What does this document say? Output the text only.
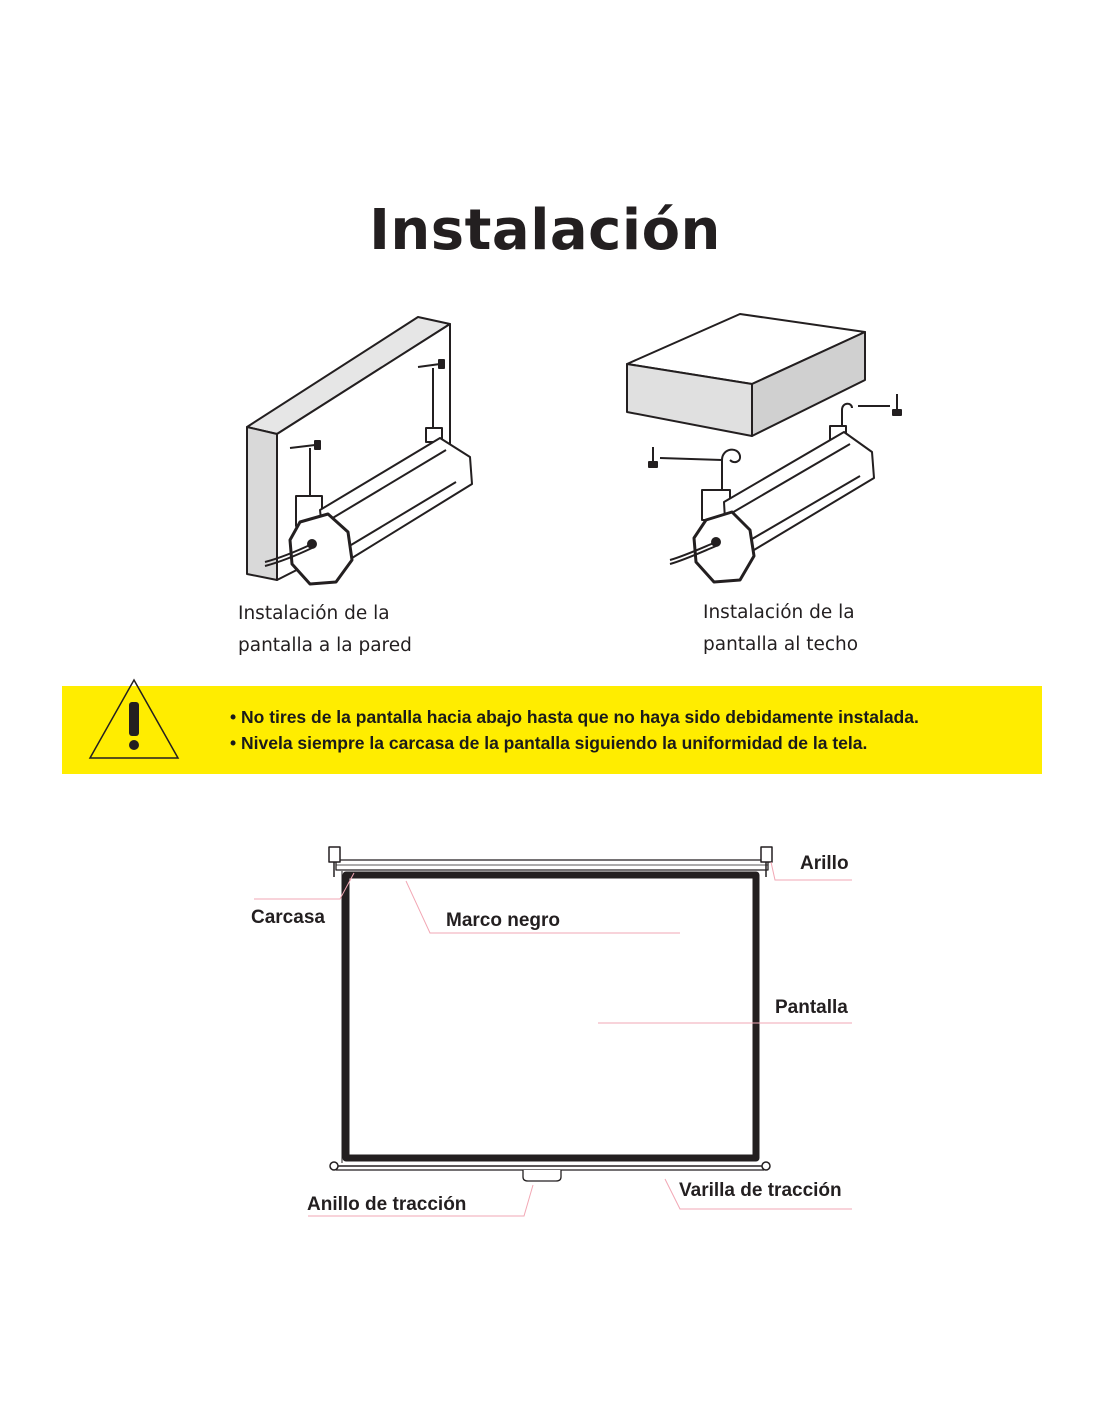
Instalación
Instalación de la
pantalla a la pared
Instalación de la
pantalla al techo
• No tires de la pantalla hacia abajo hasta que no haya sido debidamente instalada.
• Nivela siempre la carcasa de la pantalla siguiendo la uniformidad de la tela.
Arillo
Carcasa	Marco negro
Pantalla
Anillo de tracción
Varilla de tracción
